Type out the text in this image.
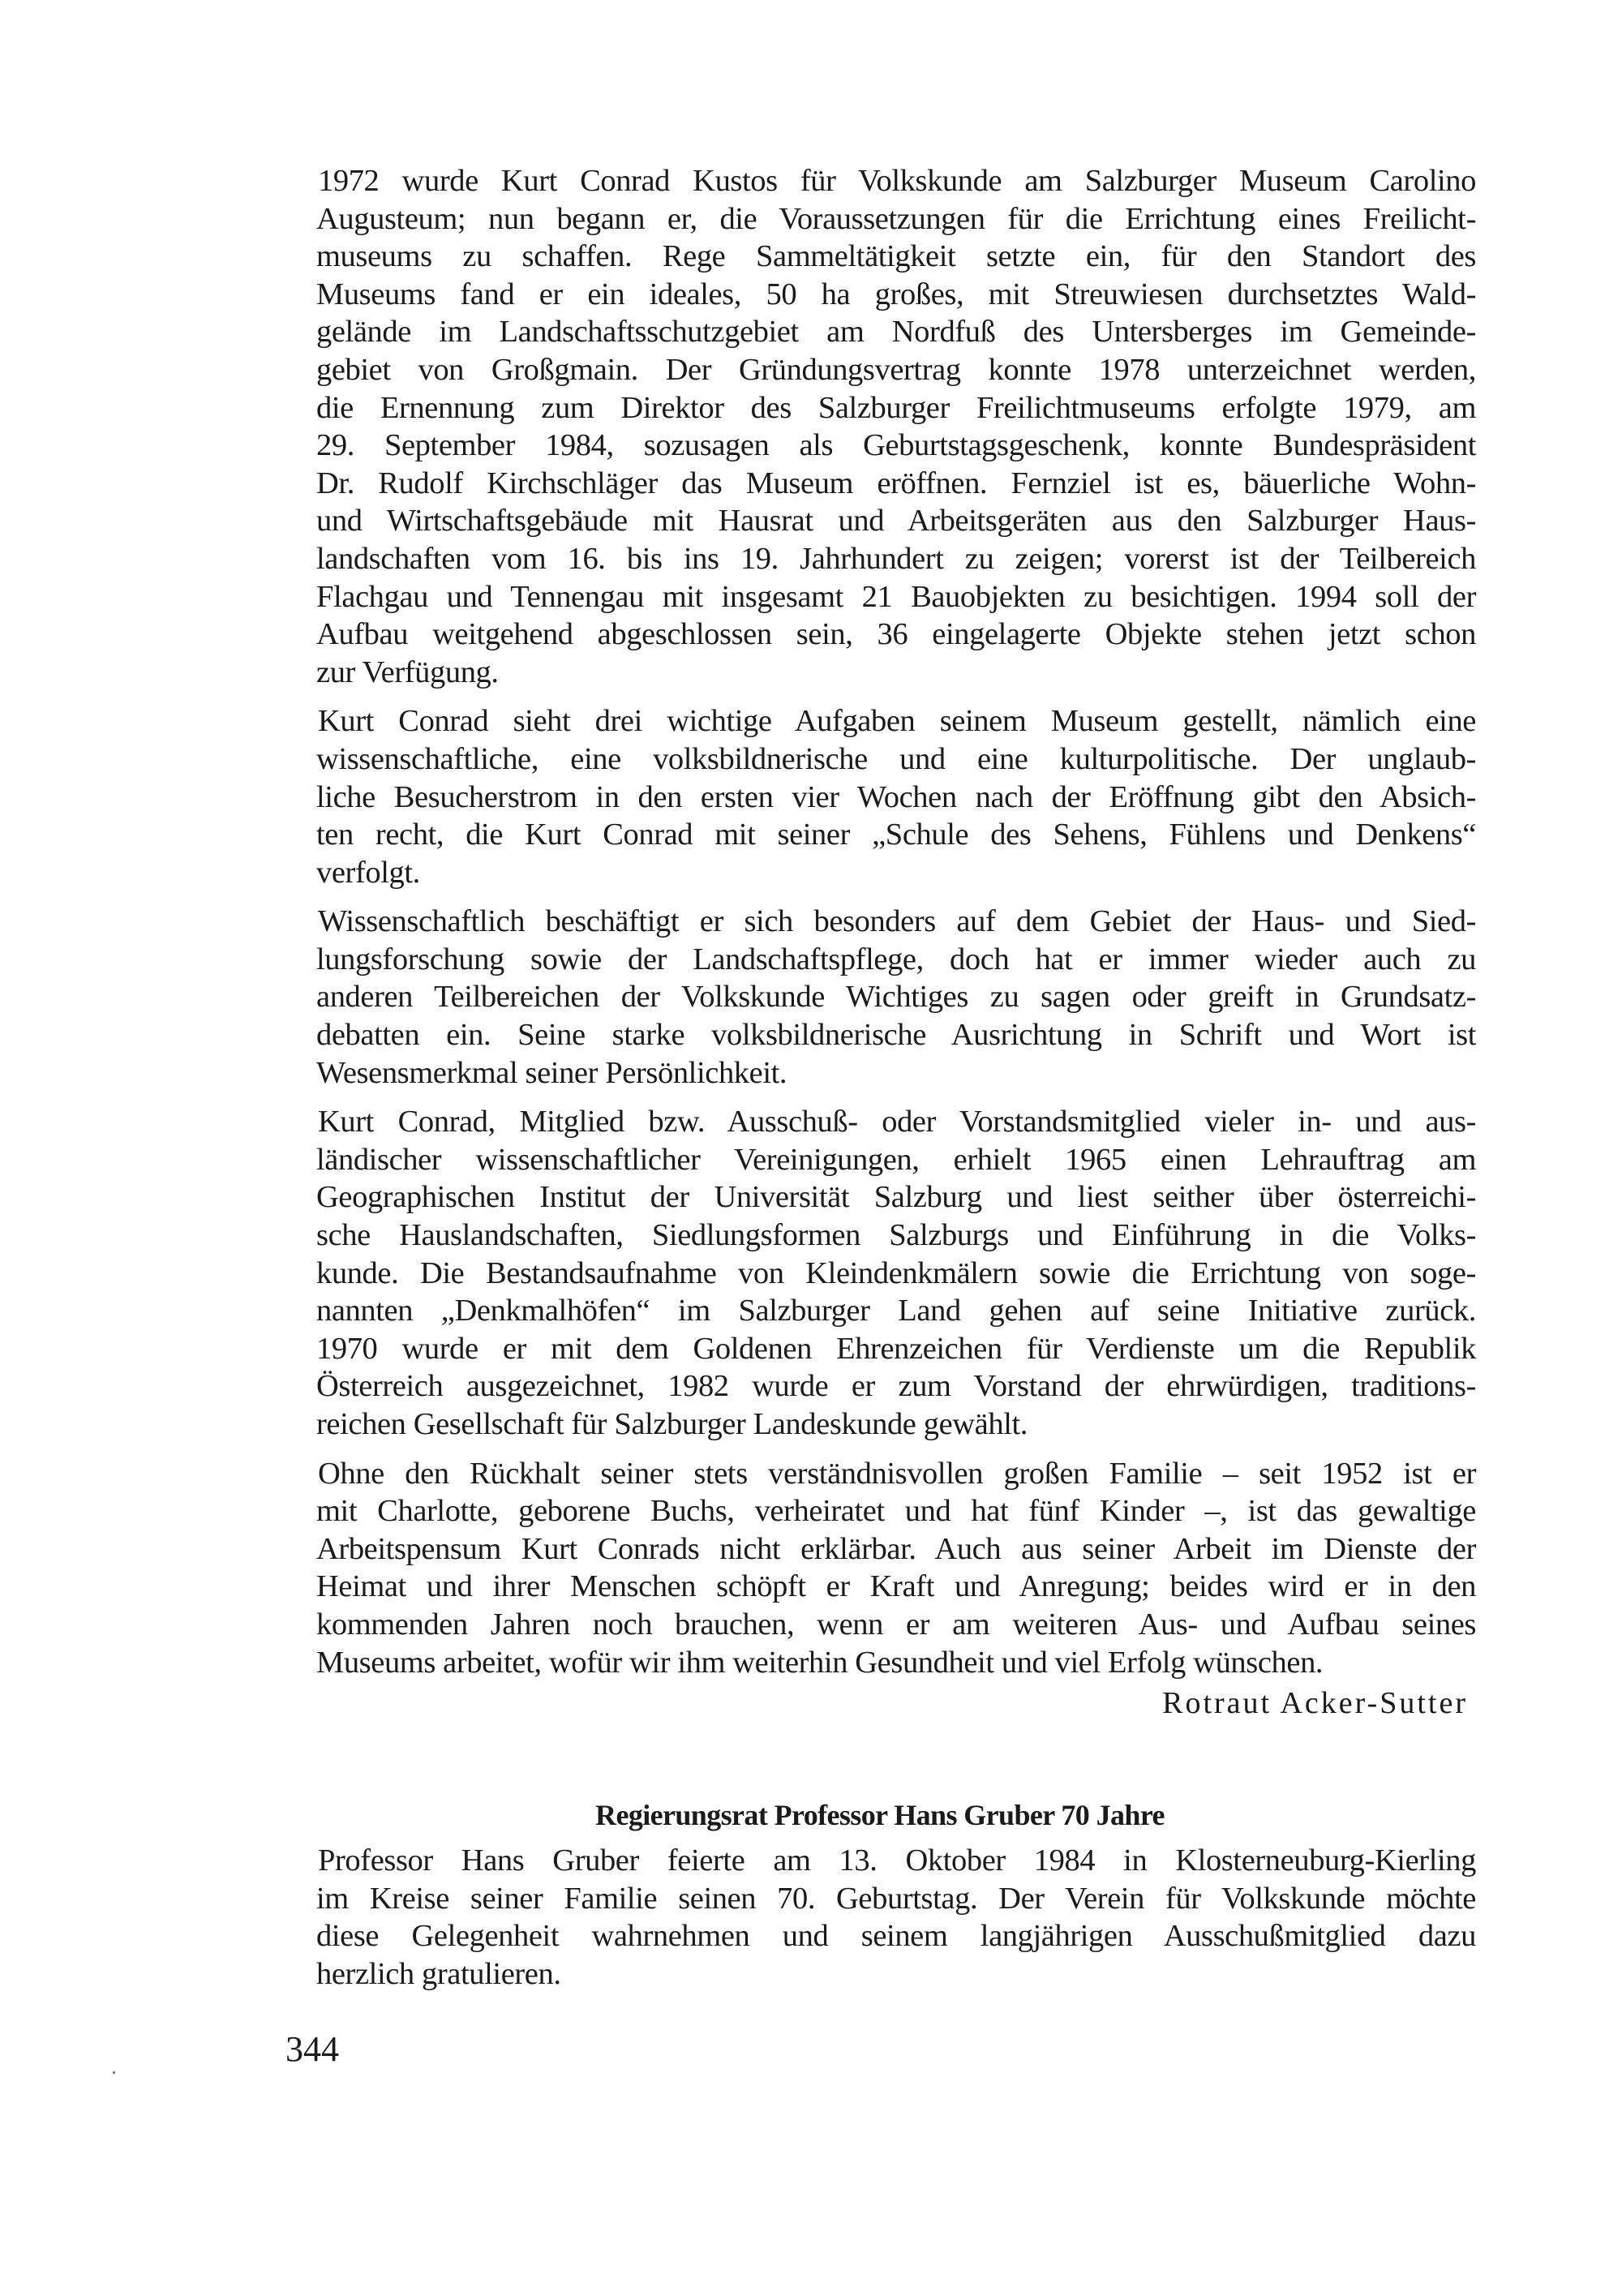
1972 wurde Kurt Conrad Kustos für Volkskunde am Salzburger Museum Carolino
Augusteum; nun begann er, die Voraussetzungen für die Errichtung eines Freilicht-
museums zu schaffen. Rege Sammeltätigkeit setzte ein, für den Standort des
Museums fand er ein ideales, 50 ha großes, mit Streuwiesen durchsetztes Wald-
gelände im Landschaftsschutzgebiet am Nordfuß des Untersberges im Gemeinde-
gebiet von Großgmain. Der Gründungsvertrag konnte 1978 unterzeichnet werden,
die Ernennung zum Direktor des Salzburger Freilichtmuseums erfolgte 1979, am
29. September 1984, sozusagen als Geburtstagsgeschenk, konnte Bundespräsident
Dr. Rudolf Kirchschläger das Museum eröffnen. Fernziel ist es, bäuerliche Wohn-
und Wirtschaftsgebäude mit Hausrat und Arbeitsgeräten aus den Salzburger Haus-
landschaften vom 16. bis ins 19. Jahrhundert zu zeigen; vorerst ist der Teilbereich
Flachgau und Tennengau mit insgesamt 21 Bauobjekten zu besichtigen. 1994 soll der
Aufbau weitgehend abgeschlossen sein, 36 eingelagerte Objekte stehen jetzt schon
zur Verfügung.

Kurt Conrad sieht drei wichtige Aufgaben seinem Museum gestellt, nämlich eine
wissenschaftliche, eine volksbildnerische und eine kulturpolitische. Der unglaub-
liche Besucherstrom in den ersten vier Wochen nach der Eröffnung gibt den Absich-
ten recht, die Kurt Conrad mit seiner „Schule des Sehens, Fühlens und Denkens“
verfolgt.

Wissenschaftlich beschäftigt er sich besonders auf dem Gebiet der Haus- und Sied-
lungsforschung sowie der Landschaftspflege, doch hat er immer wieder auch zu
anderen Teilbereichen der Volkskunde Wichtiges zu sagen oder greift in Grundsatz-
debatten ein. Seine starke volksbildnerische Ausrichtung in Schrift und Wort ist
Wesensmerkmal seiner Persönlichkeit.

Kurt Conrad, Mitglied bzw. Ausschuß- oder Vorstandsmitglied vieler in- und aus-
ländischer wissenschaftlicher Vereinigungen, erhielt 1965 einen Lehrauftrag am
Geographischen Institut der Universität Salzburg und liest seither über österreichi-
sche Hauslandschaften, Siedlungsformen Salzburgs und Einführung in die Volks-
kunde. Die Bestandsaufnahme von Kleindenkmälern sowie die Errichtung von soge-
nannten „Denkmalhöfen“ im Salzburger Land gehen auf seine Initiative zurück.
1970 wurde er mit dem Goldenen Ehrenzeichen für Verdienste um die Republik
Österreich ausgezeichnet, 1982 wurde er zum Vorstand der ehrwürdigen, traditions-
reichen Gesellschaft für Salzburger Landeskunde gewählt.

Ohne den Rückhalt seiner stets verständnisvollen großen Familie – seit 1952 ist er
mit Charlotte, geborene Buchs, verheiratet und hat fünf Kinder –, ist das gewaltige
Arbeitspensum Kurt Conrads nicht erklärbar. Auch aus seiner Arbeit im Dienste der
Heimat und ihrer Menschen schöpft er Kraft und Anregung; beides wird er in den
kommenden Jahren noch brauchen, wenn er am weiteren Aus- und Aufbau seines
Museums arbeitet, wofür wir ihm weiterhin Gesundheit und viel Erfolg wünschen.

Rotraut Acker-Sutter

Regierungsrat Professor Hans Gruber 70 Jahre

Professor Hans Gruber feierte am 13. Oktober 1984 in Klosterneuburg-Kierling
im Kreise seiner Familie seinen 70. Geburtstag. Der Verein für Volkskunde möchte
diese Gelegenheit wahrnehmen und seinem langjährigen Ausschußmitglied dazu
herzlich gratulieren.

344
